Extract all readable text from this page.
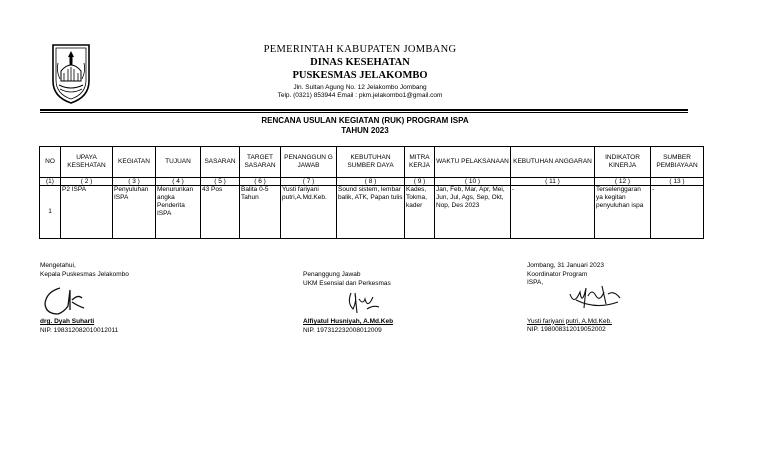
PEMERINTAH KABUPATEN JOMBANG
DINAS KESEHATAN
PUSKESMAS JELAKOMBO
Jln. Sultan Agung No. 12 Jelakombo Jombang
Telp. (0321) 853944 Email : pkm.jelakombo1@gmail.com
RENCANA USULAN KEGIATAN (RUK) PROGRAM ISPA
TAHUN 2023
NO	UPAYA KESEHATAN	KEGIATAN	TUJUAN	SASARAN	TARGET SASARAN	PENANGGUN G JAWAB	KEBUTUHAN SUMBER DAYA	MITRA KERJA	WAKTU PELAKSANAAN	KEBUTUHAN ANGGARAN	INDIKATOR KINERJA	SUMBER PEMBIAYAAN
(1)	( 2 )	( 3 )	( 4 )	( 5 )	( 6 )	( 7 )	( 8 )	( 9 )	( 10 )	( 11 )	( 12 )	( 13 )
1	P2 ISPA	Penyuluhan ISPA	Menurunkan angka Penderita ISPA	43 Pos	Balita 0-5 Tahun	Yusti fariyani putri,A.Md.Keb.	Sound sistem, lembar balik, ATK, Papan tulis	Kades, Tokma, kader	Jan, Feb, Mar, Apr, Mei, Jun, Jul, Ags, Sep, Okt, Nop, Des 2023	-	Terselenggaran ya kegitan penyuluhan ispa	-
Mengetahui,
Kepala Puskesmas Jelakombo
drg. Dyah Suharti
NIP. 198312082010012011
Penanggung Jawab
UKM Esensial dan Perkesmas
Alfiyatul Husniyah, A.Md.Keb
NIP. 197312232008012009
Jombang, 31 Januari 2023
Koordinator Program
ISPA,
Yusti fariyani putri, A.Md.Keb.
NIP. 198008312019052002
